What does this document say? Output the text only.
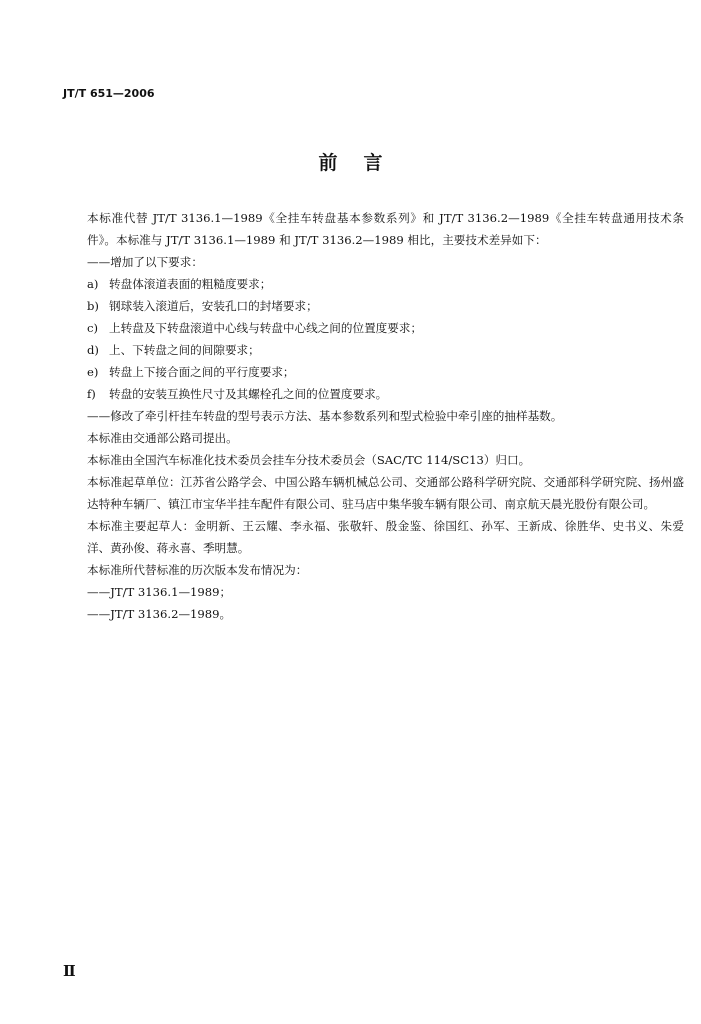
JT/T 651—2006
前言

本标准代替 JT/T 3136.1—1989《全挂车转盘基本参数系列》和 JT/T 3136.2—1989《全挂车转盘通用技术条件》。本标准与 JT/T 3136.1—1989 和 JT/T 3136.2—1989 相比，主要技术差异如下：

——增加了以下要求：

a) 转盘体滚道表面的粗糙度要求；
b) 钢球装入滚道后，安装孔口的封堵要求；
c) 上转盘及下转盘滚道中心线与转盘中心线之间的位置度要求；
d) 上、下转盘之间的间隙要求；
e) 转盘上下接合面之间的平行度要求；
f) 转盘的安装互换性尺寸及其螺栓孔之间的位置度要求。

——修改了牵引杆挂车转盘的型号表示方法、基本参数系列和型式检验中牵引座的抽样基数。

本标准由交通部公路司提出。

本标准由全国汽车标准化技术委员会挂车分技术委员会（SAC/TC 114/SC13）归口。

本标准起草单位：江苏省公路学会、中国公路车辆机械总公司、交通部公路科学研究院、交通部科学研究院、扬州盛达特种车辆厂、镇江市宝华半挂车配件有限公司、驻马店中集华骏车辆有限公司、南京航天晨光股份有限公司。

本标准主要起草人：金明新、王云耀、李永福、张敬轩、殷金鉴、徐国红、孙军、王新成、徐胜华、史书义、朱爱洋、黄孙俊、蒋永喜、季明慧。

本标准所代替标准的历次版本发布情况为：

——JT/T 3136.1—1989；

——JT/T 3136.2—1989。

Ⅱ
